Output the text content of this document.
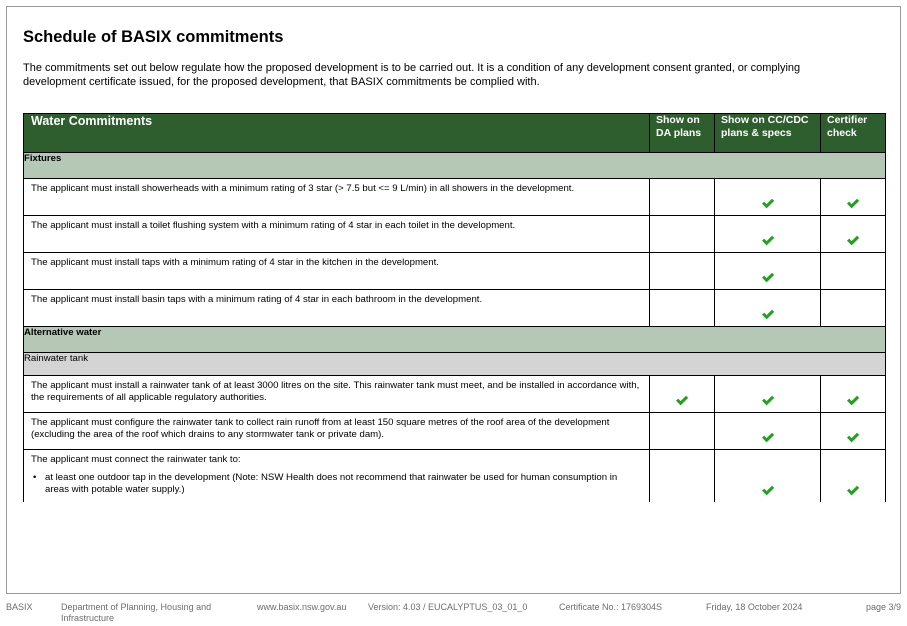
Schedule of BASIX commitments
The commitments set out below regulate how the proposed development is to be carried out. It is a condition of any development consent granted, or complying development certificate issued, for the proposed development, that BASIX commitments be complied with.
Water Commitments	Show on DA plans	Show on CC/CDC plans & specs	Certifier check
Fixtures			
The applicant must install showerheads with a minimum rating of 3 star (> 7.5 but <= 9 L/min) in all showers in the development.		

The applicant must install a toilet flushing system with a minimum rating of 4 star in each toilet in the development.		

The applicant must install taps with a minimum rating of 4 star in the kitchen in the development.		

The applicant must install basin taps with a minimum rating of 4 star in each bathroom in the development.		

Alternative water			
Rainwater tank			
The applicant must install a rainwater tank of at least 3000 litres on the site. This rainwater tank must meet, and be installed in accordance with, the requirements of all applicable regulatory authorities.	

The applicant must configure the rainwater tank to collect rain runoff from at least 150 square metres of the roof area of the development (excluding the area of the roof which drains to any stormwater tank or private dam).		

The applicant must connect the rainwater tank to:
• at least one outdoor tap in the development (Note: NSW Health does not recommend that rainwater be used for human consumption in areas with potable water supply.)

BASIX	Department of Planning, Housing and Infrastructure
www.basix.nsw.gov.au Version: 4.03 / EUCALYPTUS_03_01_0	Certificate No.: 1769304S	Friday, 18 October 2024	page 3/9
